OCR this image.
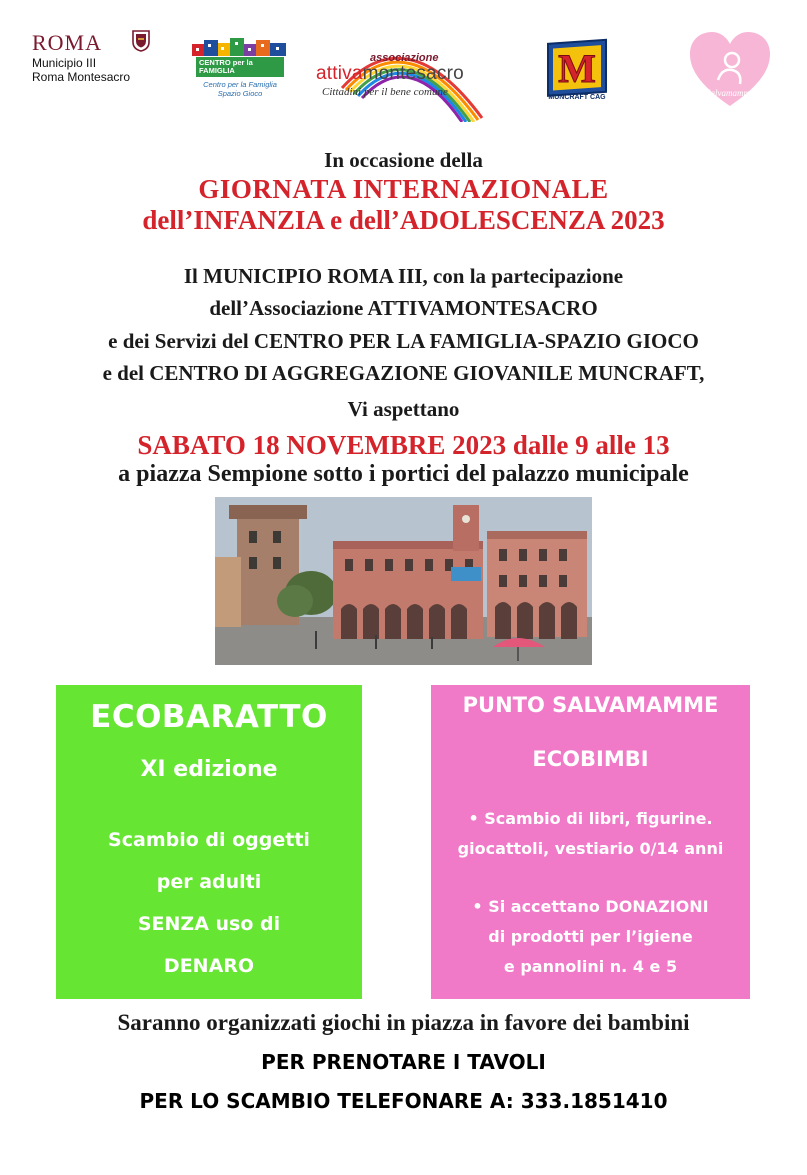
ROMA
Municipio III
Roma Montesacro
CENTRO per la
FAMIGLIA
Centro per la Famiglia
Spazio Gioco
associazione
attivamontesacro
Cittadini per il bene comune
M
MUNCRAFT CAG	Salvamamme
In occasione della
GIORNATA INTERNAZIONALE
dell’INFANZIA e dell’ADOLESCENZA 2023
Il MUNICIPIO ROMA III, con la partecipazione
dell’Associazione ATTIVAMONTESACRO
e dei Servizi del CENTRO PER LA FAMIGLIA-SPAZIO GIOCO
e del CENTRO DI AGGREGAZIONE GIOVANILE MUNCRAFT,
Vi aspettano
SABATO 18 NOVEMBRE 2023 dalle 9 alle 13
a piazza Sempione sotto i portici del palazzo municipale
ECOBARATTO
XI edizione
Scambio di oggetti
per adulti
SENZA uso di
DENARO
PUNTO SALVAMAMME
ECOBIMBI
• Scambio di libri, figurine.
giocattoli, vestiario 0/14 anni
• Si accettano DONAZIONI
di prodotti per l’igiene
e pannolini n. 4 e 5
Saranno organizzati giochi in piazza in favore dei bambini
PER PRENOTARE I TAVOLI
PER LO SCAMBIO TELEFONARE A: 333.1851410
